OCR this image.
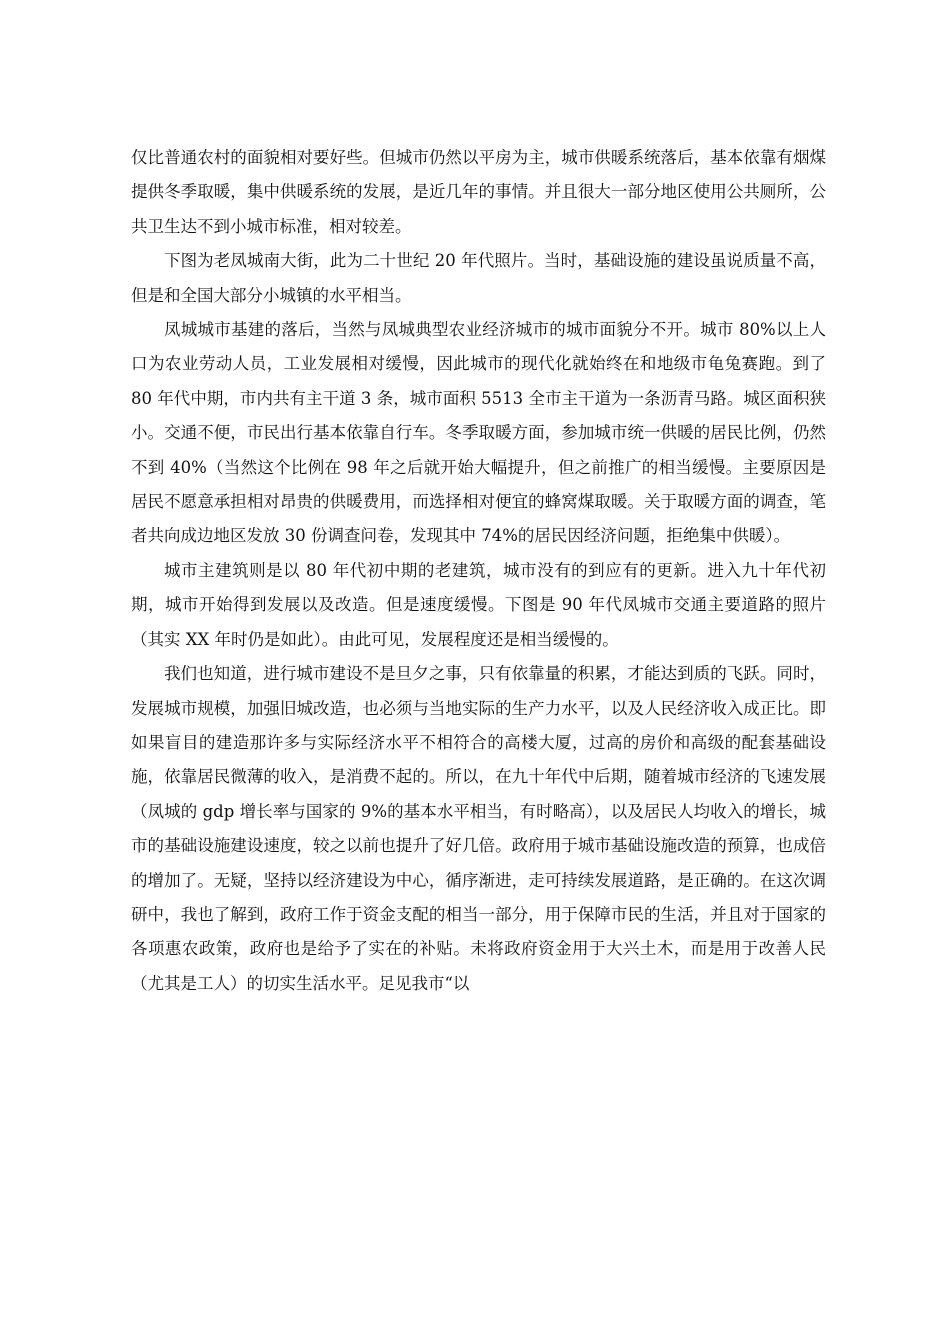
仅比普通农村的面貌相对要好些。但城市仍然以平房为主，城市供暖系统落后，基本依靠有烟煤提供冬季取暖，集中供暖系统的发展，是近几年的事情。并且很大一部分地区使用公共厕所，公共卫生达不到小城市标准，相对较差。

下图为老凤城南大街，此为二十世纪 20 年代照片。当时，基础设施的建设虽说质量不高，但是和全国大部分小城镇的水平相当。

凤城城市基建的落后，当然与凤城典型农业经济城市的城市面貌分不开。城市 80%以上人口为农业劳动人员，工业发展相对缓慢，因此城市的现代化就始终在和地级市龟兔赛跑。到了 80 年代中期，市内共有主干道 3 条，城市面积 5513 全市主干道为一条沥青马路。城区面积狭小。交通不便，市民出行基本依靠自行车。冬季取暖方面，参加城市统一供暖的居民比例，仍然不到 40%（当然这个比例在 98 年之后就开始大幅提升，但之前推广的相当缓慢。主要原因是居民不愿意承担相对昂贵的供暖费用，而选择相对便宜的蜂窝煤取暖。关于取暖方面的调查，笔者共向成边地区发放 30 份调查问卷，发现其中 74%的居民因经济问题，拒绝集中供暖）。

城市主建筑则是以 80 年代初中期的老建筑，城市没有的到应有的更新。进入九十年代初期，城市开始得到发展以及改造。但是速度缓慢。下图是 90 年代凤城市交通主要道路的照片（其实 XX 年时仍是如此）。由此可见，发展程度还是相当缓慢的。

我们也知道，进行城市建设不是旦夕之事，只有依靠量的积累，才能达到质的飞跃。同时，发展城市规模，加强旧城改造，也必须与当地实际的生产力水平，以及人民经济收入成正比。即如果盲目的建造那许多与实际经济水平不相符合的高楼大厦，过高的房价和高级的配套基础设施，依靠居民微薄的收入，是消费不起的。所以，在九十年代中后期，随着城市经济的飞速发展（凤城的 gdp 增长率与国家的 9%的基本水平相当，有时略高），以及居民人均收入的增长，城市的基础设施建设速度，较之以前也提升了好几倍。政府用于城市基础设施改造的预算，也成倍的增加了。无疑，坚持以经济建设为中心，循序渐进，走可持续发展道路，是正确的。在这次调研中，我也了解到，政府工作于资金支配的相当一部分，用于保障市民的生活，并且对于国家的各项惠农政策，政府也是给予了实在的补贴。未将政府资金用于大兴土木，而是用于改善人民（尤其是工人）的切实生活水平。足见我市“以
